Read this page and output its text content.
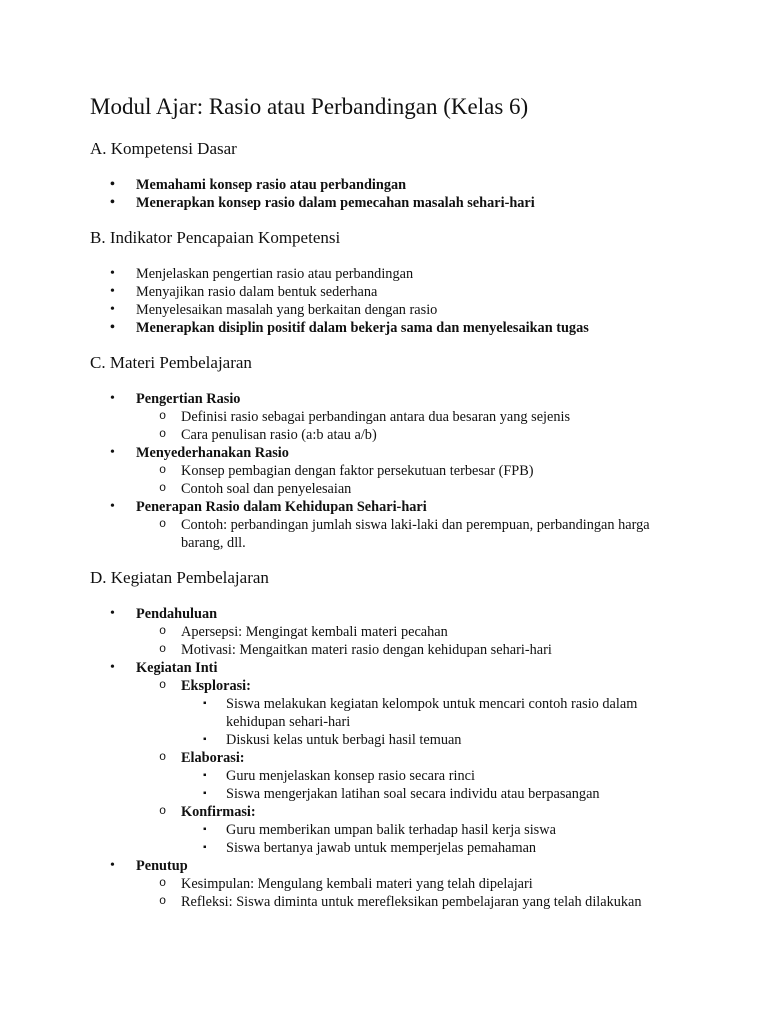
Modul Ajar: Rasio atau Perbandingan (Kelas 6)
A. Kompetensi Dasar
• Memahami konsep rasio atau perbandingan
• Menerapkan konsep rasio dalam pemecahan masalah sehari-hari
B. Indikator Pencapaian Kompetensi
• Menjelaskan pengertian rasio atau perbandingan
• Menyajikan rasio dalam bentuk sederhana
• Menyelesaikan masalah yang berkaitan dengan rasio
• Menerapkan disiplin positif dalam bekerja sama dan menyelesaikan tugas
C. Materi Pembelajaran
• Pengertian Rasio
o Definisi rasio sebagai perbandingan antara dua besaran yang sejenis
o Cara penulisan rasio (a:b atau a/b)
• Menyederhanakan Rasio
o Konsep pembagian dengan faktor persekutuan terbesar (FPB)
o Contoh soal dan penyelesaian
• Penerapan Rasio dalam Kehidupan Sehari-hari
o Contoh: perbandingan jumlah siswa laki-laki dan perempuan, perbandingan harga barang, dll.
D. Kegiatan Pembelajaran
• Pendahuluan
o Apersepsi: Mengingat kembali materi pecahan
o Motivasi: Mengaitkan materi rasio dengan kehidupan sehari-hari
• Kegiatan Inti
o Eksplorasi:
▪ Siswa melakukan kegiatan kelompok untuk mencari contoh rasio dalam kehidupan sehari-hari
▪ Diskusi kelas untuk berbagi hasil temuan
o Elaborasi:
▪ Guru menjelaskan konsep rasio secara rinci
▪ Siswa mengerjakan latihan soal secara individu atau berpasangan
o Konfirmasi:
▪ Guru memberikan umpan balik terhadap hasil kerja siswa
▪ Siswa bertanya jawab untuk memperjelas pemahaman
• Penutup
o Kesimpulan: Mengulang kembali materi yang telah dipelajari
o Refleksi: Siswa diminta untuk merefleksikan pembelajaran yang telah dilakukan
